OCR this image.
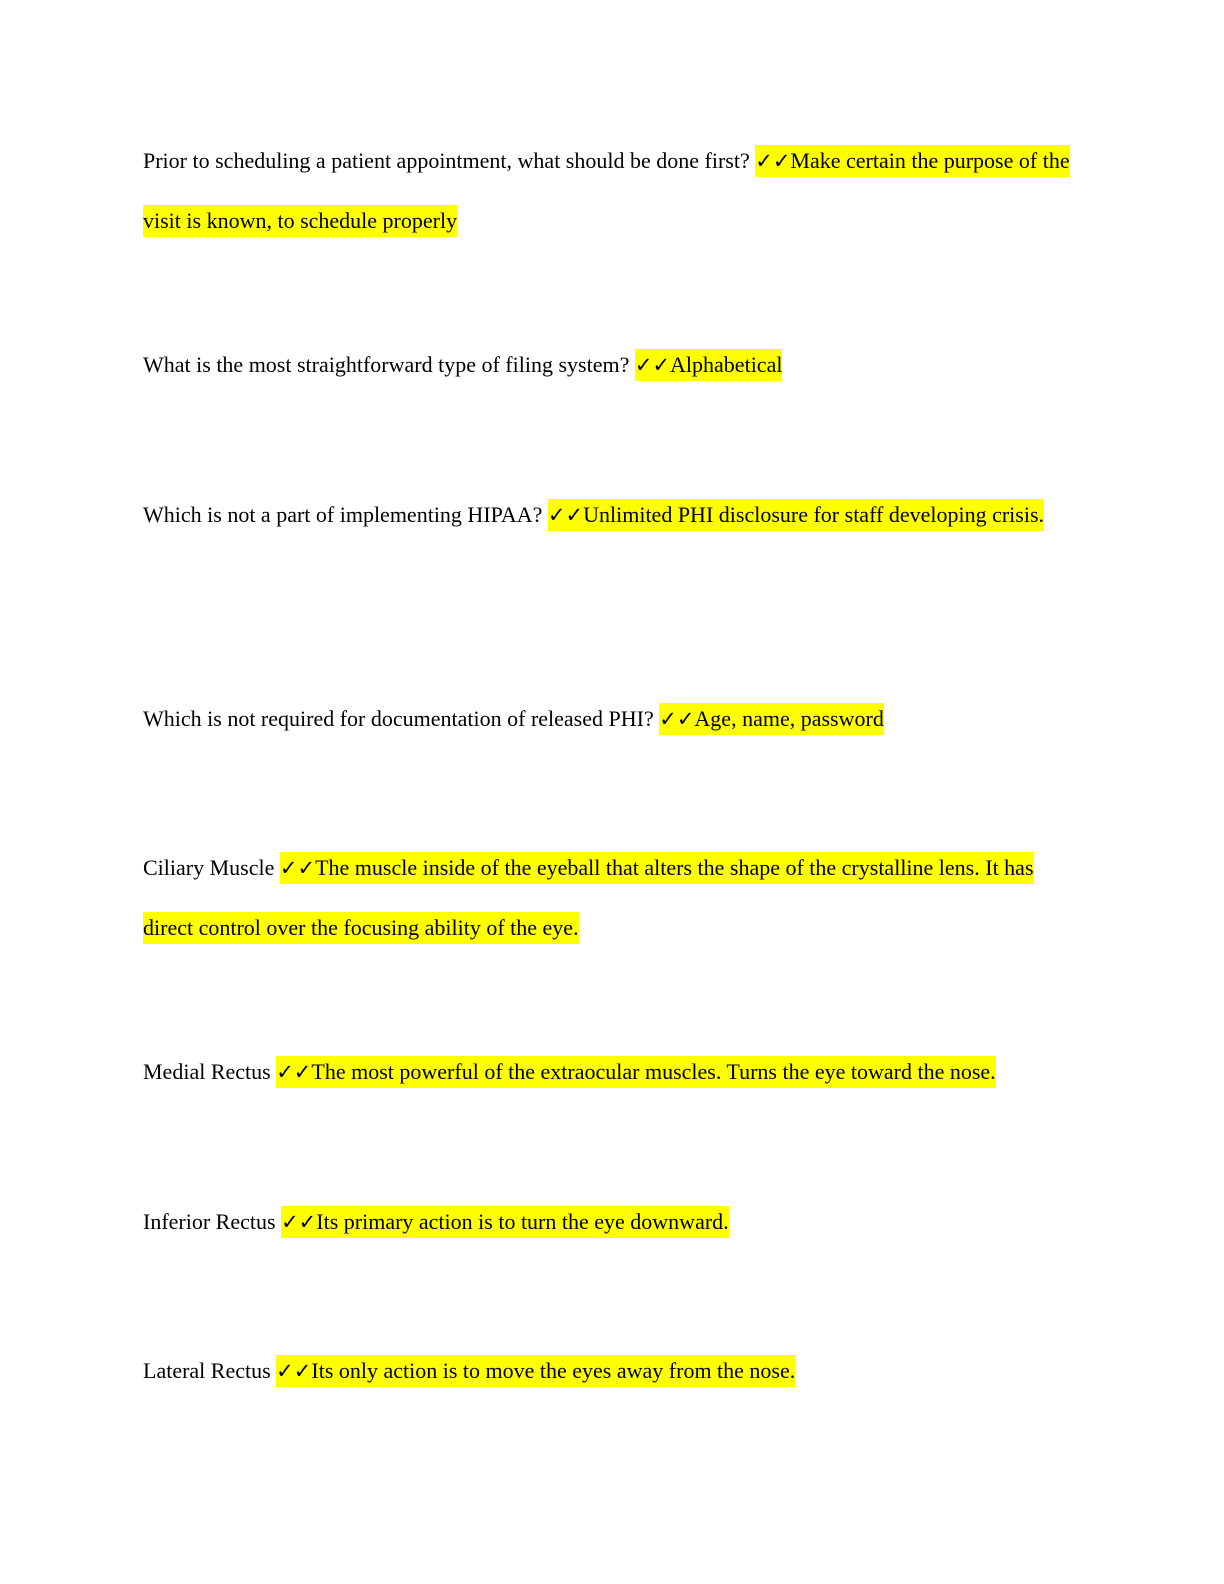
Prior to scheduling a patient appointment, what should be done first? ✓✓Make certain the purpose of the visit is known, to schedule properly

What is the most straightforward type of filing system? ✓✓Alphabetical

Which is not a part of implementing HIPAA? ✓✓Unlimited PHI disclosure for staff developing crisis.

Which is not required for documentation of released PHI? ✓✓Age, name, password

Ciliary Muscle ✓✓The muscle inside of the eyeball that alters the shape of the crystalline lens. It has direct control over the focusing ability of the eye.

Medial Rectus ✓✓The most powerful of the extraocular muscles. Turns the eye toward the nose.

Inferior Rectus ✓✓Its primary action is to turn the eye downward.

Lateral Rectus ✓✓Its only action is to move the eyes away from the nose.
